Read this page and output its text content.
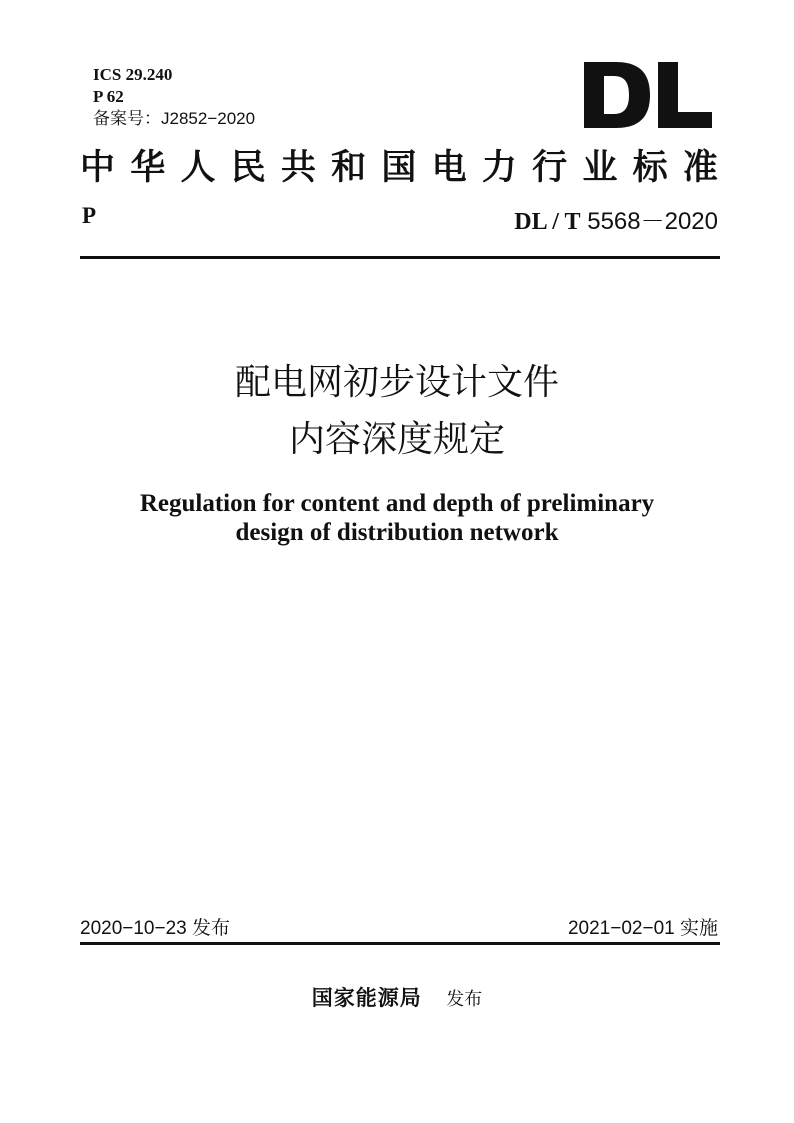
ICS 29.240
P 62
备案号：J2852−2020
中 华 人 民 共 和 国 电 力 行 业 标 准
P	DL / T 5568－2020
配电网初步设计文件
内容深度规定
Regulation for content and depth of preliminary
design of distribution network
2020−10−23 发布	2021−02−01 实施
国家能源局 发布
